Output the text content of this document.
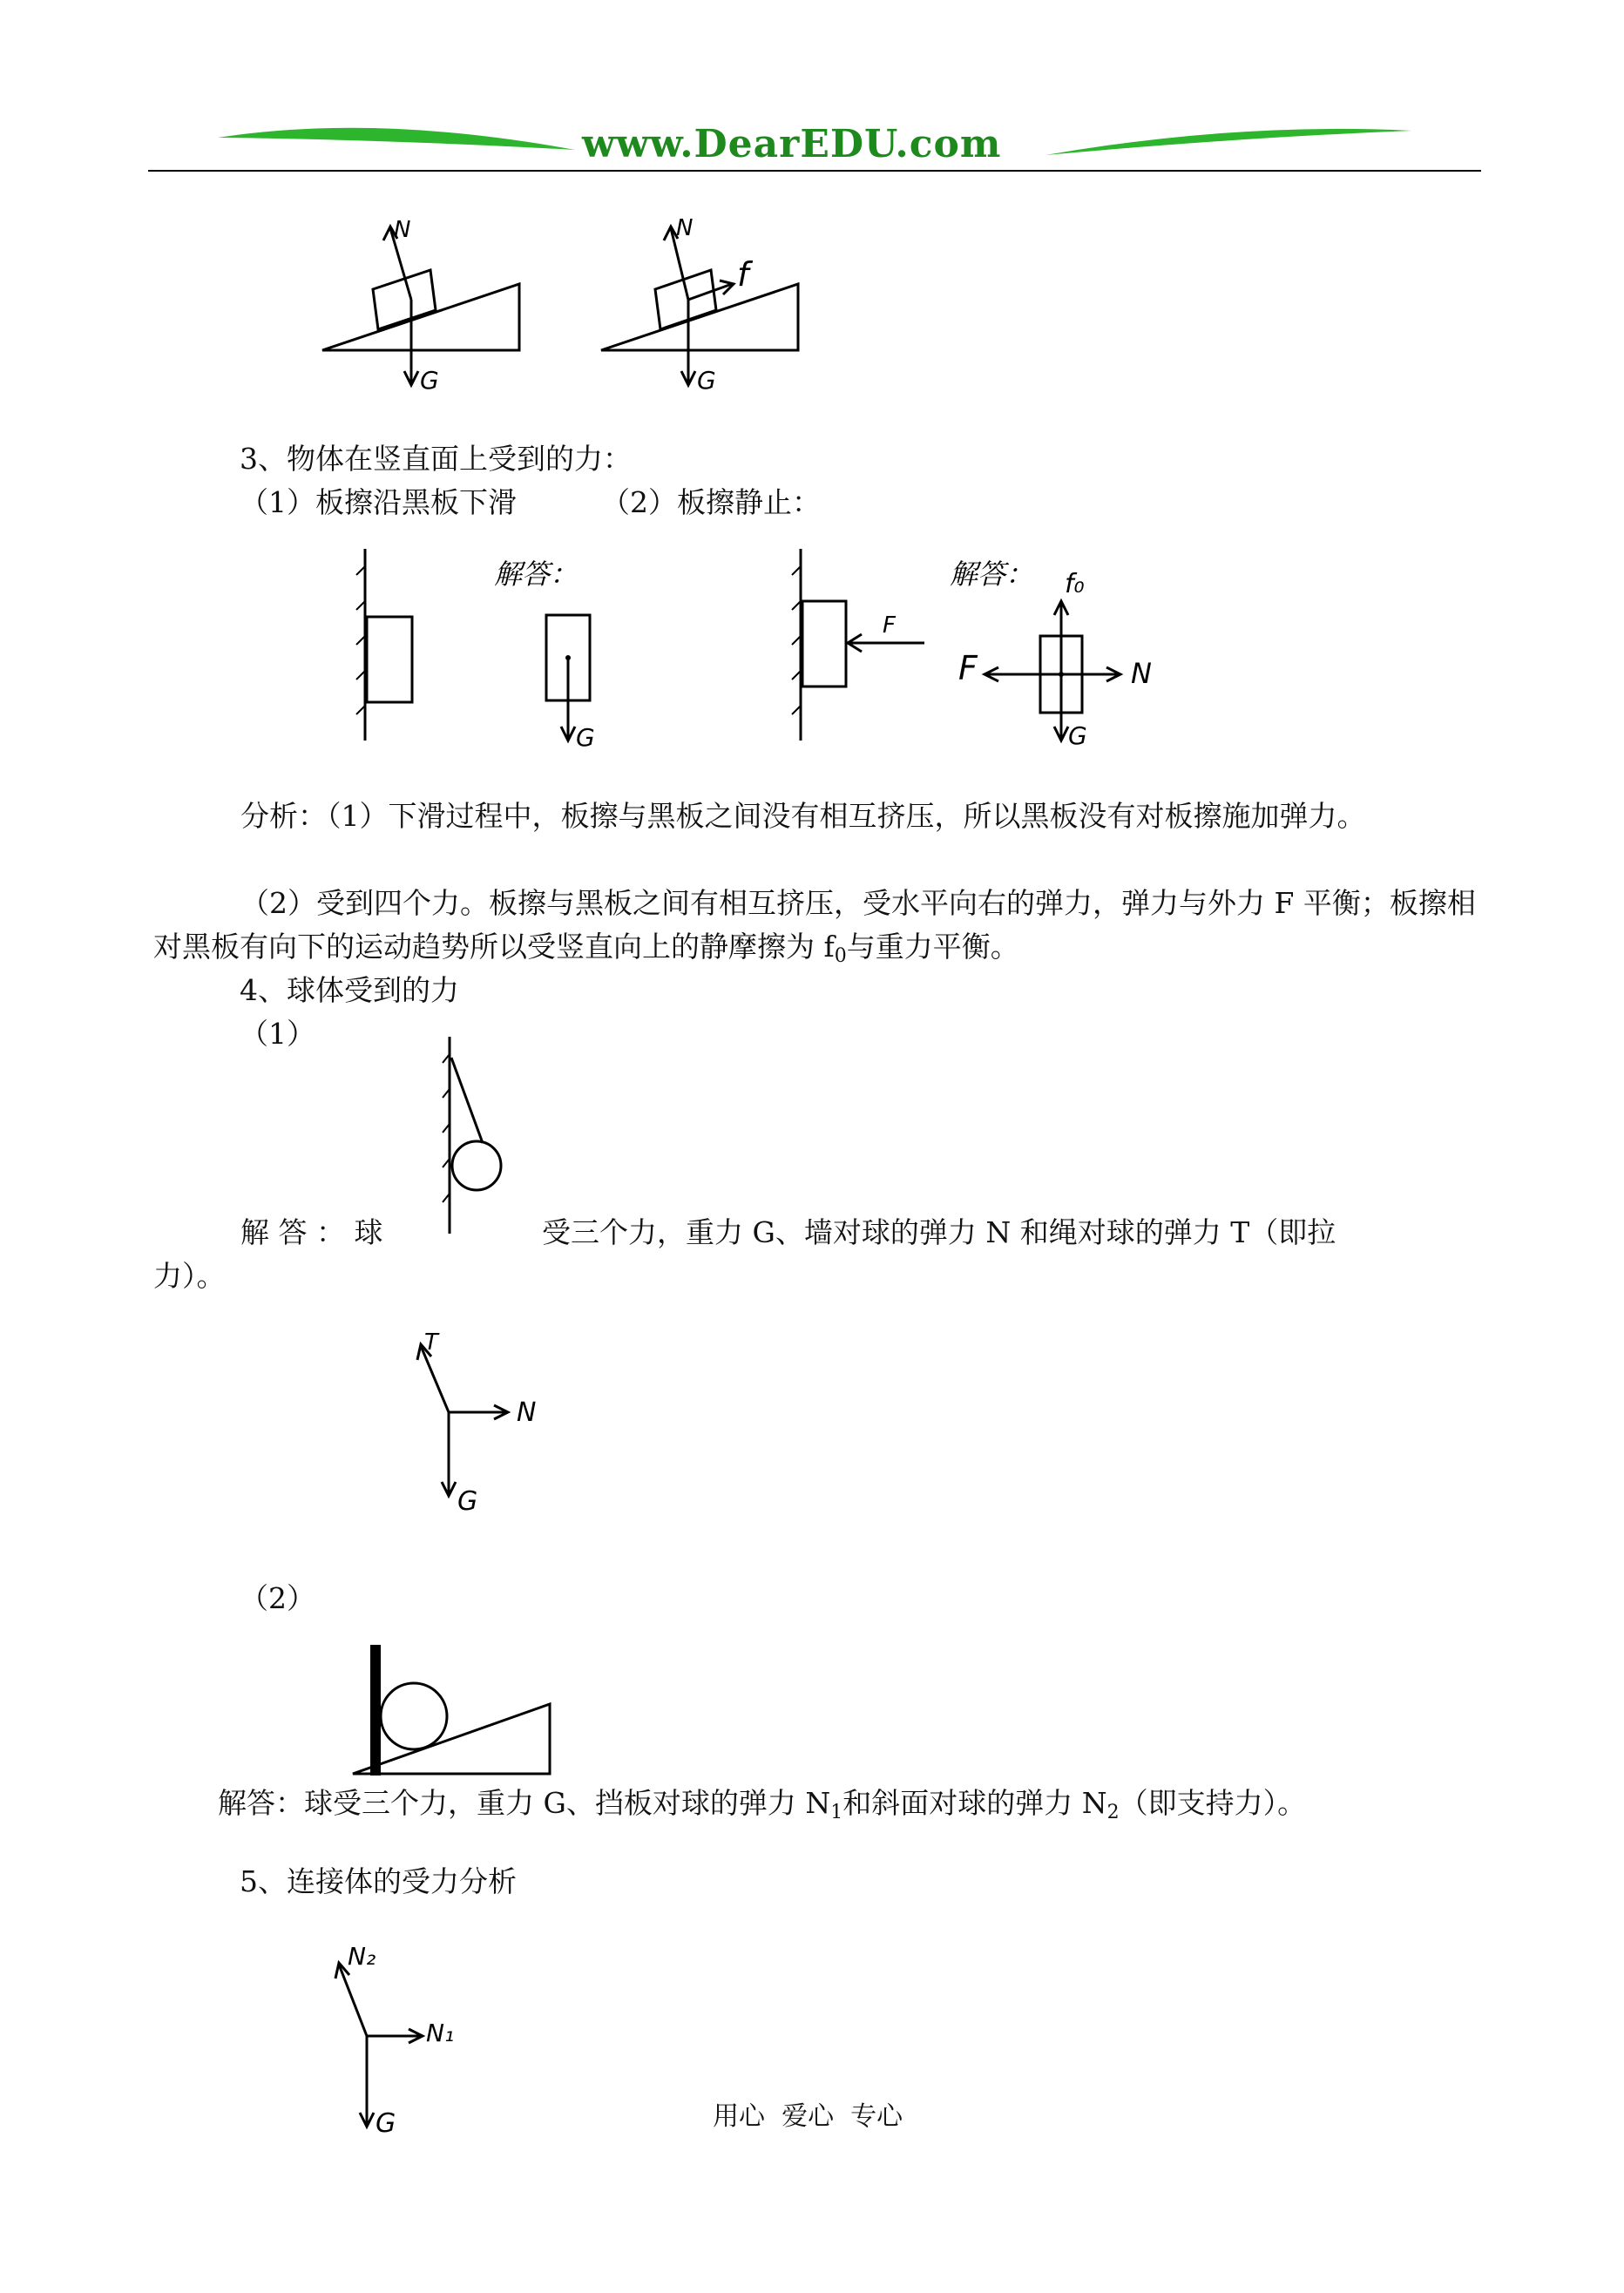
www.DearEDU.com
N
G
N
f
G
3、物体在竖直面上受到的力：
（1）板擦沿黑板下滑	（2）板擦静止：
解答：
G
F
解答： f₀
F	N
G
分析：（1）下滑过程中，板擦与黑板之间没有相互挤压，所以黑板没有对板擦施加弹力。
（2）受到四个力。板擦与黑板之间有相互挤压，受水平向右的弹力，弹力与外力 F 平衡；板擦相对黑板有向下的运动趋势所以受竖直向上的静摩擦为 $f_0$与重力平衡。
4、球体受到的力
（1）
解 答 ： 球	受三个力，重力 G、墙对球的弹力 N 和绳对球的弹力 T（即拉
力）。
T
N
G
（2）
解答：球受三个力，重力 G、挡板对球的弹力 $N_1$和斜面对球的弹力 $N_2$（即支持力）。
5、连接体的受力分析
N₂
N₁
G	用心  爱心  专心
